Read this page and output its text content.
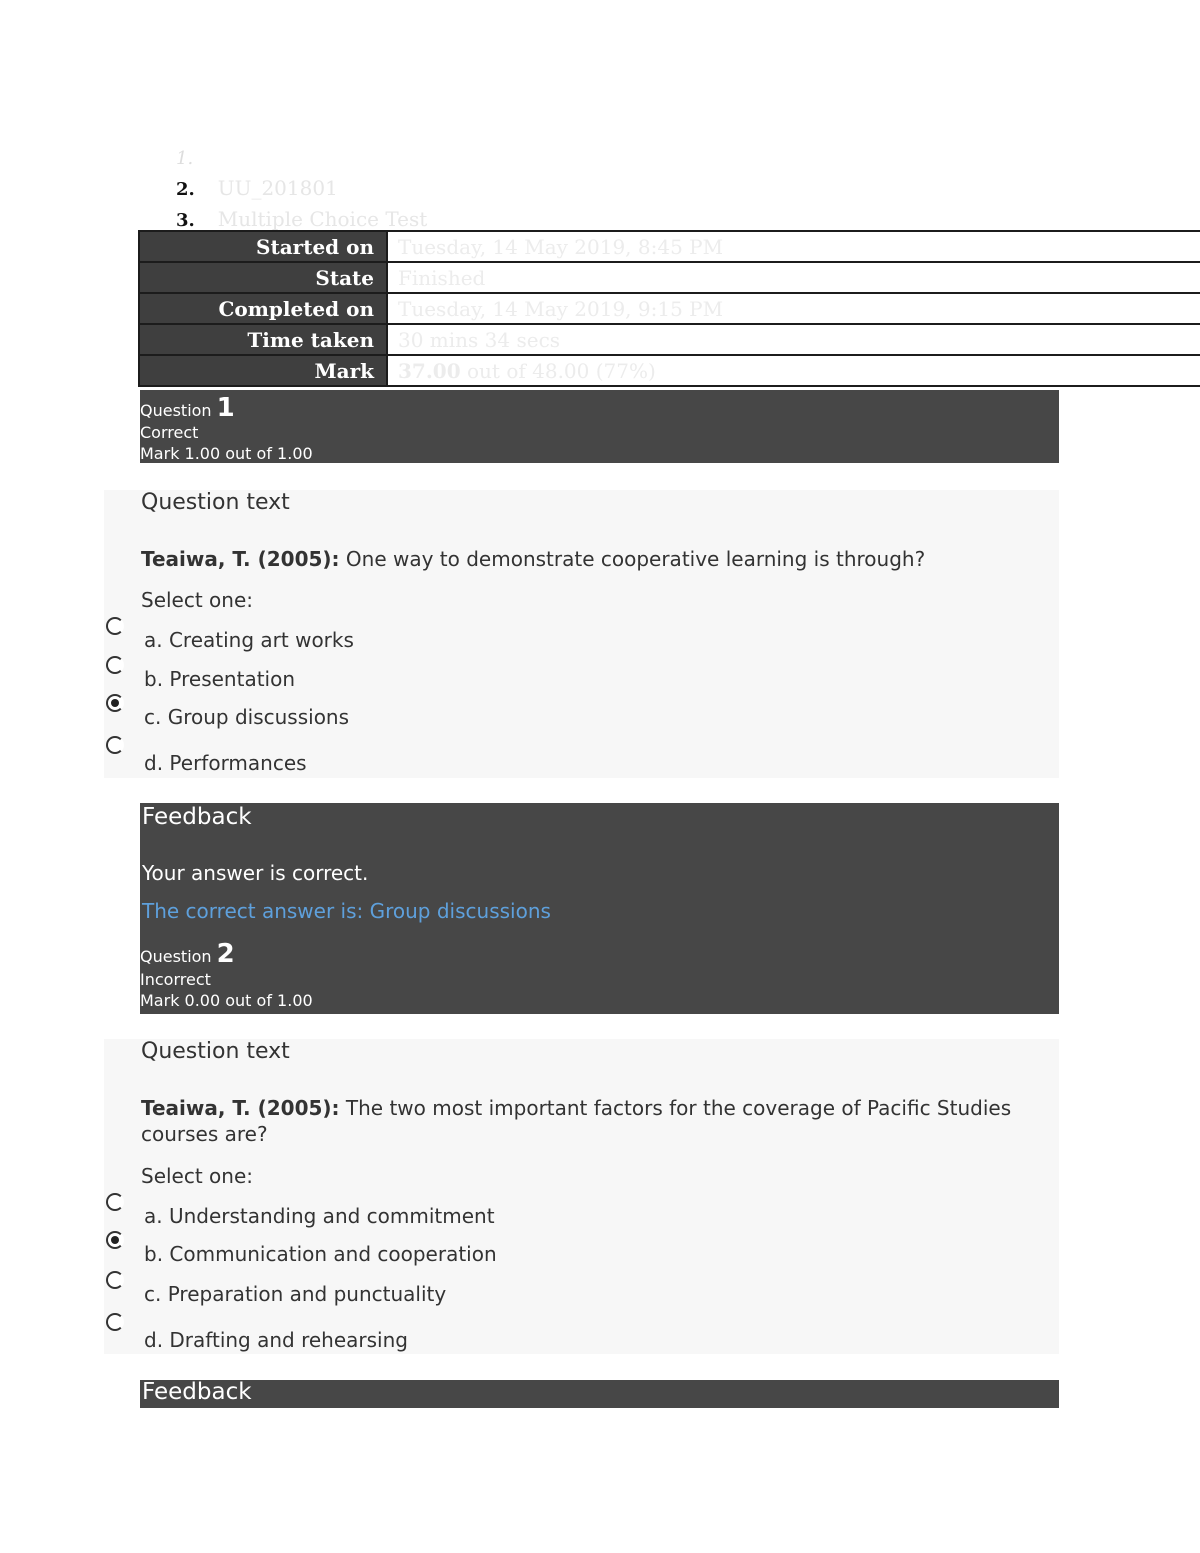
1.
2. UU_201801
3. Multiple Choice Test
Started on	Tuesday, 14 May 2019, 8:45 PM
State	Finished
Completed on	Tuesday, 14 May 2019, 9:15 PM
Time taken	30 mins 34 secs
Mark	37.00 out of 48.00 (77%)
Question 1
Correct
Mark 1.00 out of 1.00
Question text
Teaiwa, T. (2005): One way to demonstrate cooperative learning is through?
Select one:
a. Creating art works
b. Presentation
c. Group discussions
d. Performances
Feedback
Your answer is correct.
The correct answer is: Group discussions
Question 2
Incorrect
Mark 0.00 out of 1.00
Question text
Teaiwa, T. (2005): The two most important factors for the coverage of Pacific Studies courses are?
Select one:
a. Understanding and commitment
b. Communication and cooperation
c. Preparation and punctuality
d. Drafting and rehearsing
Feedback
